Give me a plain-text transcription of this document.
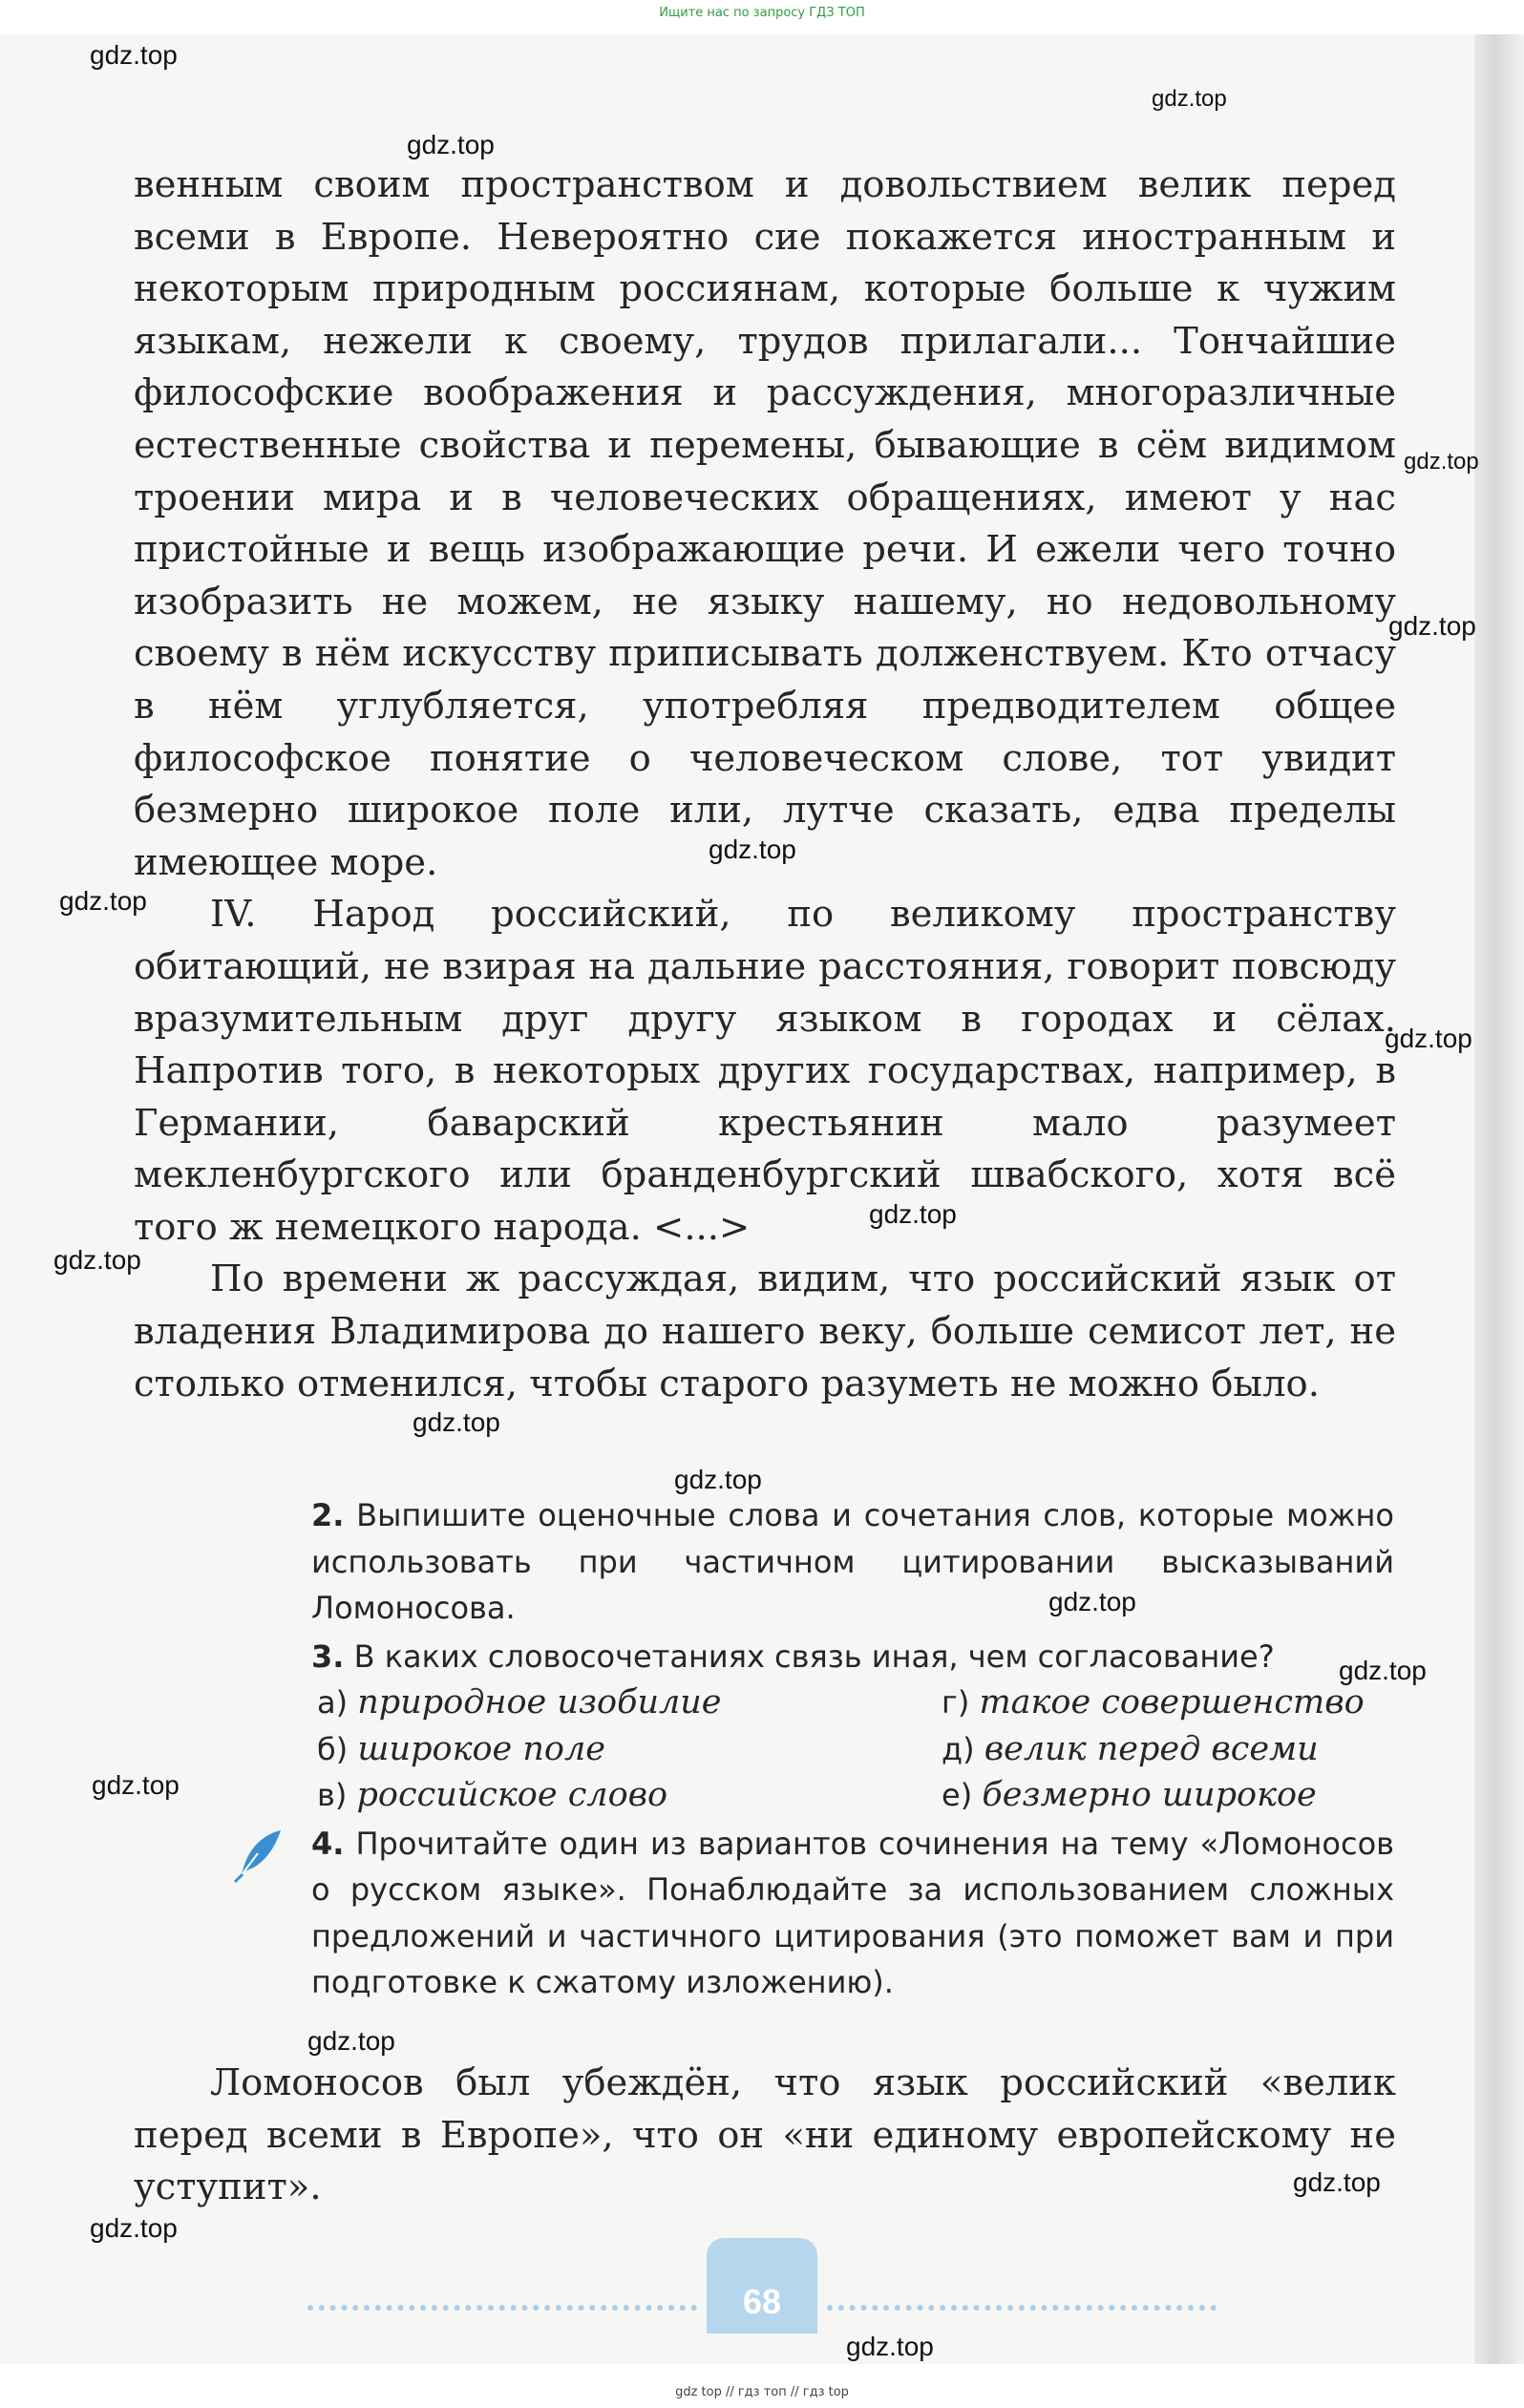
Ищите нас по запросу ГДЗ ТОП
gdz.top
gdz.top
gdz.top
gdz.top
gdz.top
gdz.top
gdz.top
gdz.top
gdz.top
gdz.top
gdz.top
gdz.top
gdz.top
gdz.top
gdz.top
gdz.top
gdz.top
gdz.top
gdz.top

венным своим пространством и довольствием велик перед всеми в Европе. Невероятно сие покажется иностранным и некоторым природным россиянам, которые больше к чужим языкам, нежели к своему, трудов прилагали... Тончайшие философские воображения и рассуждения, многоразличные естественные свойства и перемены, бывающие в сём видимом троении мира и в человеческих обращениях, имеют у нас пристойные и вещь изображающие речи. И ежели чего точно изобразить не можем, не языку нашему, но недовольному своему в нём искусству приписывать долженствуем. Кто отчасу в нём углубляется, употребляя предводителем общее философское понятие о человеческом слове, тот увидит безмерно широкое поле или, лутче сказать, едва пределы имеющее море.

IV. Народ российский, по великому пространству обитающий, не взирая на дальние расстояния, говорит повсюду вразумительным друг другу языком в городах и сёлах. Напротив того, в некоторых других государствах, например, в Германии, баварский крестьянин мало разумеет мекленбургского или бранденбургский швабского, хотя всё того ж немецкого народа. <...>

По времени ж рассуждая, видим, что российский язык от владения Владимирова до нашего веку, больше семисот лет, не столько отменился, чтобы старого разуметь не можно было.

2. Выпишите оценочные слова и сочетания слов, которые можно использовать при частичном цитировании высказываний Ломоносова.

3. В каких словосочетаниях связь иная, чем согласование?

а) природное изобилие	г) такое совершенство
б) широкое поле	д) велик перед всеми
в) российское слово	е) безмерно широкое

4. Прочитайте один из вариантов сочинения на тему «Ломоносов о русском языке». Понаблюдайте за использованием сложных предложений и частичного цитирования (это поможет вам и при подготовке к сжатому изложению).

Ломоносов был убеждён, что язык российский «велик перед всеми в Европе», что он «ни единому европейскому не уступит».

68
gdz top // гдз топ // гдз top
